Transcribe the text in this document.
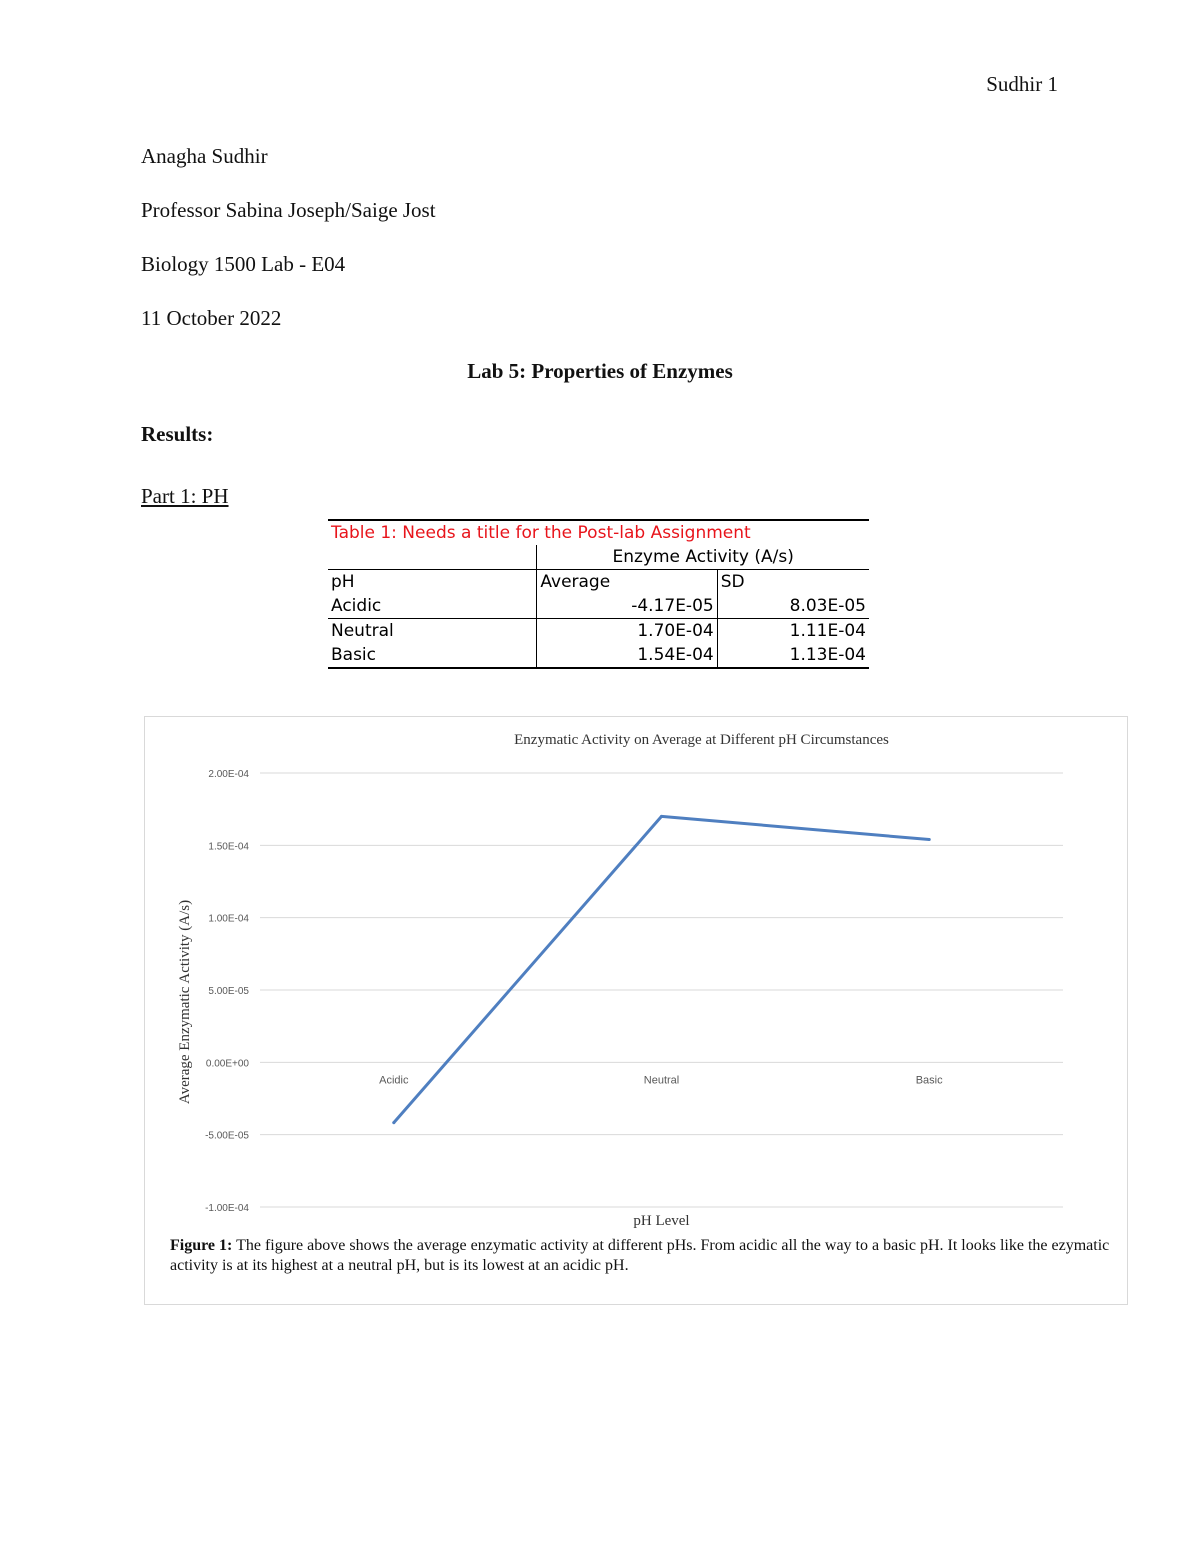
Sudhir 1
Anagha Sudhir
Professor Sabina Joseph/Saige Jost
Biology 1500 Lab - E04
11 October 2022
Lab 5: Properties of Enzymes
Results:
Part 1: PH
Table 1: Needs a title for the Post-lab Assignment		
	Enzyme Activity (A/s)	
pH	Average	SD
Acidic	-4.17E-05	8.03E-05
Neutral	1.70E-04	1.11E-04
Basic	1.54E-04	1.13E-04
Enzymatic Activity on Average at Different pH Circumstances
2.00E-04
1.50E-04
1.00E-04
5.00E-05
0.00E+00
-5.00E-05
-1.00E-04
Acidic	Neutral	Basic
pH Level
Average Enzymatic Activity (A/s)
Figure 1: The figure above shows the average enzymatic activity at different pHs. From acidic all the way to a basic pH. It looks like the ezymatic activity is at its highest at a neutral pH, but is its lowest at an acidic pH.
